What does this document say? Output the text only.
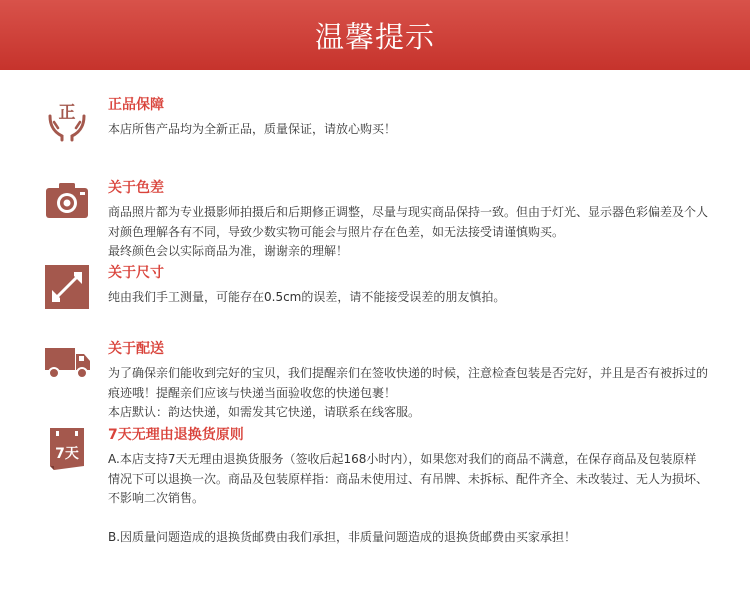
温馨提示
正 正品保障
本店所售产品均为全新正品，质量保证，请放心购买！
关于色差
商品照片都为专业摄影师拍摄后和后期修正调整，尽量与现实商品保持一致。但由于灯光、显示器色彩偏差及个人
对颜色理解各有不同，导致少数实物可能会与照片存在色差，如无法接受请谨慎购买。
最终颜色会以实际商品为准，谢谢亲的理解！
关于尺寸
纯由我们手工测量，可能存在0.5cm的误差，请不能接受误差的朋友慎拍。
关于配送
为了确保亲们能收到完好的宝贝，我们提醒亲们在签收快递的时候，注意检查包装是否完好，并且是否有被拆过的
痕迹哦！提醒亲们应该与快递当面验收您的快递包裹！
本店默认：韵达快递，如需发其它快递，请联系在线客服。
7天
7天无理由退换货原则
A.本店支持7天无理由退换货服务（签收后起168小时内），如果您对我们的商品不满意，在保存商品及包装原样
情况下可以退换一次。商品及包装原样指：商品未使用过、有吊牌、未拆标、配件齐全、未改装过、无人为损坏、
不影响二次销售。
B.因质量问题造成的退换货邮费由我们承担，非质量问题造成的退换货邮费由买家承担！
